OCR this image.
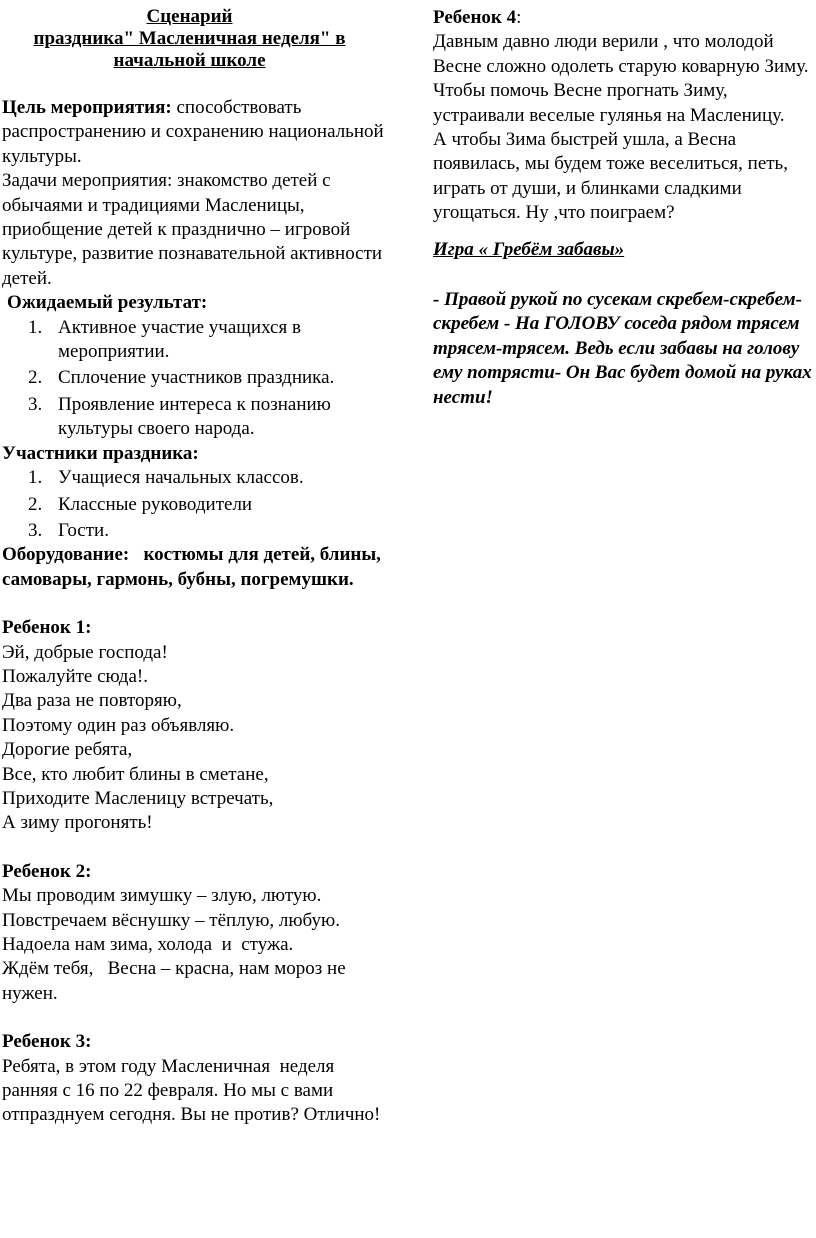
Сценарий
праздника" Масленичная неделя" в
начальной школе
Цель мероприятия: способствовать распространению и сохранению национальной культуры.
Задачи мероприятия: знакомство детей с обычаями и традициями Масленицы, приобщение детей к празднично – игровой культуре, развитие познавательной активности детей.
Ожидаемый результат:
1. Активное участие учащихся в мероприятии.
2. Сплочение участников праздника.
3. Проявление интереса к познанию культуры своего народа.
Участники праздника:
1. Учащиеся начальных классов.
2. Классные руководители
3. Гости.
Оборудование:   костюмы для детей, блины, самовары, гармонь, бубны, погремушки.
Ребенок 1:
Эй, добрые господа!
Пожалуйте сюда!.
Два раза не повторяю,
Поэтому один раз объявляю.
Дорогие ребята,
Все, кто любит блины в сметане,
Приходите Масленицу встречать,
А зиму прогонять!
Ребенок 2:
Мы проводим зимушку – злую, лютую.
Повстречаем вёснушку – тёплую, любую.
Надоела нам зима, холода  и  стужа.
Ждём тебя,   Весна – красна, нам мороз не нужен.
Ребенок 3:
Ребята, в этом году Масленичная  неделя ранняя с 16 по 22 февраля. Но мы с вами отпразднуем сегодня. Вы не против? Отлично!
Ребенок 4:
Давным давно люди верили , что молодой Весне сложно одолеть старую коварную Зиму. Чтобы помочь Весне прогнать Зиму, устраивали веселые гулянья на Масленицу.
А чтобы Зима быстрей ушла, а Весна появилась, мы будем тоже веселиться, петь, играть от души, и блинками сладкими угощаться. Ну ,что поиграем?
Игра « Гребём забавы»
- Правой рукой по сусекам скребем-скребем-скребем - На ГОЛОВУ соседа рядом трясем трясем-трясем. Ведь если забавы на голову ему потрясти- Он Вас будет домой на руках нести!
